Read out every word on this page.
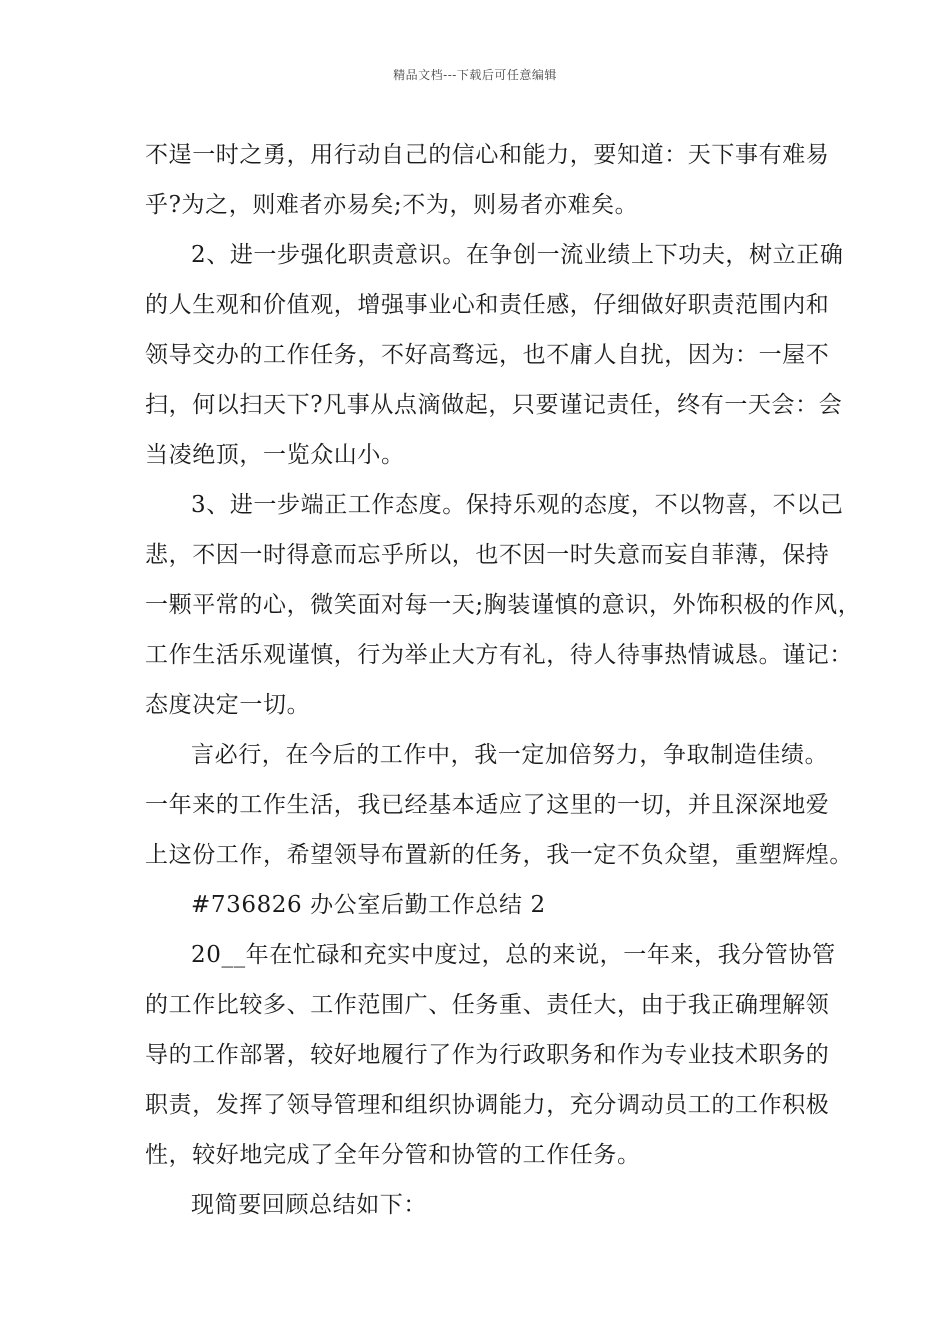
精品文档---下载后可任意编辑
不逞一时之勇，用行动自己的信心和能力，要知道：天下事有难易
乎?为之，则难者亦易矣;不为，则易者亦难矣。
2、进一步强化职责意识。在争创一流业绩上下功夫，树立正确
的人生观和价值观，增强事业心和责任感，仔细做好职责范围内和
领导交办的工作任务，不好高骛远，也不庸人自扰，因为：一屋不
扫，何以扫天下?凡事从点滴做起，只要谨记责任，终有一天会：会
当凌绝顶，一览众山小。
3、进一步端正工作态度。保持乐观的态度，不以物喜，不以己
悲，不因一时得意而忘乎所以，也不因一时失意而妄自菲薄，保持
一颗平常的心，微笑面对每一天;胸装谨慎的意识，外饰积极的作风，
工作生活乐观谨慎，行为举止大方有礼，待人待事热情诚恳。谨记：
态度决定一切。
言必行，在今后的工作中，我一定加倍努力，争取制造佳绩。
一年来的工作生活，我已经基本适应了这里的一切，并且深深地爱
上这份工作，希望领导布置新的任务，我一定不负众望，重塑辉煌。
#736826 办公室后勤工作总结 2
20__年在忙碌和充实中度过，总的来说，一年来，我分管协管
的工作比较多、工作范围广、任务重、责任大，由于我正确理解领
导的工作部署，较好地履行了作为行政职务和作为专业技术职务的
职责，发挥了领导管理和组织协调能力，充分调动员工的工作积极
性，较好地完成了全年分管和协管的工作任务。
现简要回顾总结如下：
